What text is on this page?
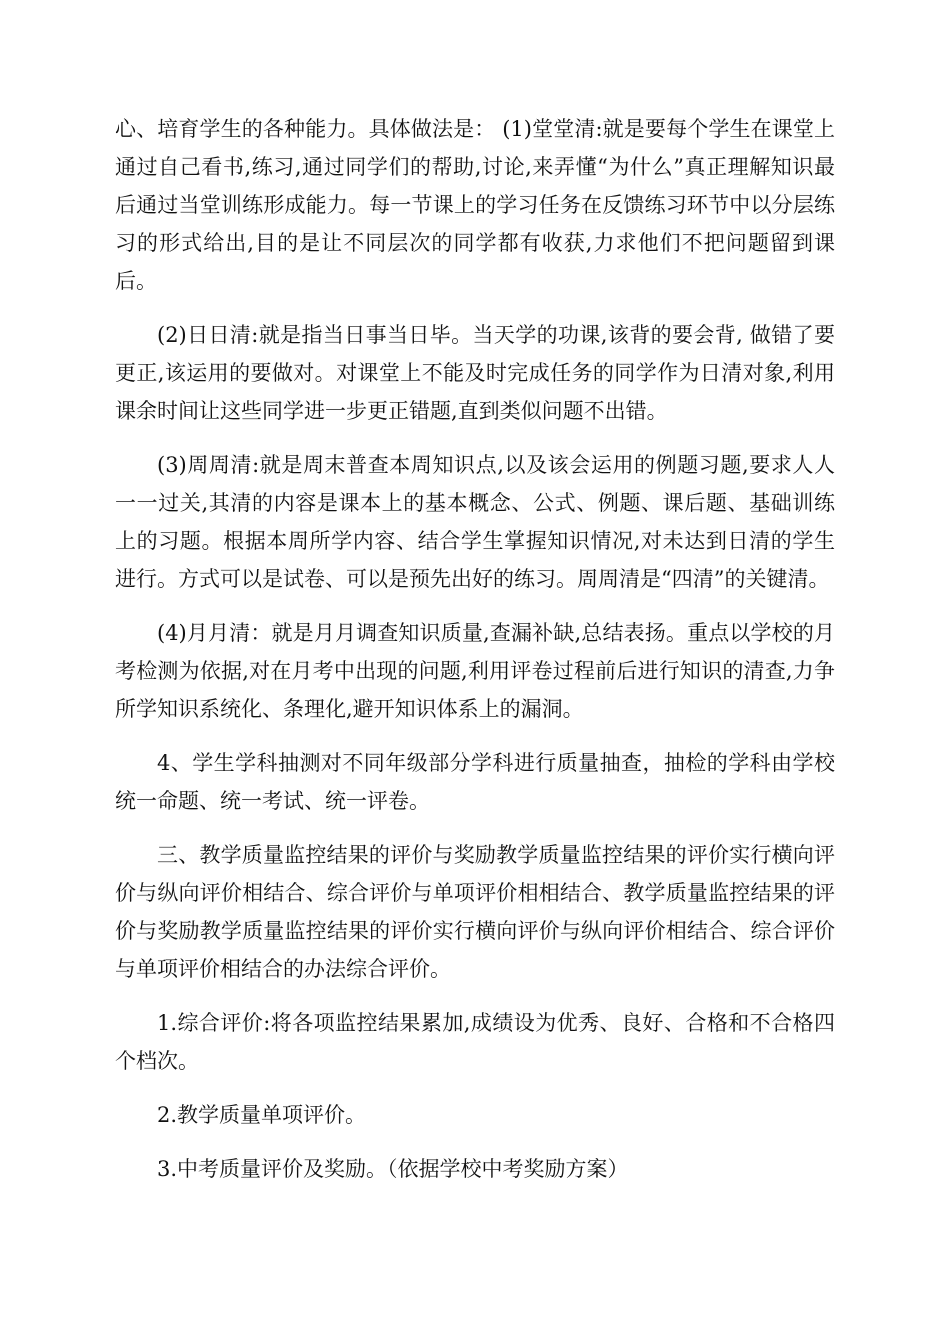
心、培育学生的各种能力。具体做法是： (1)堂堂清:就是要每个学生在课堂上通过自己看书,练习,通过同学们的帮助,讨论,来弄懂“为什么”真正理解知识最后通过当堂训练形成能力。每一节课上的学习任务在反馈练习环节中以分层练习的形式给出,目的是让不同层次的同学都有收获,力求他们不把问题留到课后。

(2)日日清:就是指当日事当日毕。当天学的功课,该背的要会背, 做错了要更正,该运用的要做对。对课堂上不能及时完成任务的同学作为日清对象,利用课余时间让这些同学进一步更正错题,直到类似问题不出错。

(3)周周清:就是周末普查本周知识点,以及该会运用的例题习题,要求人人一一过关,其清的内容是课本上的基本概念、公式、例题、课后题、基础训练上的习题。根据本周所学内容、结合学生掌握知识情况,对未达到日清的学生进行。方式可以是试卷、可以是预先出好的练习。周周清是“四清”的关键清。

(4)月月清：就是月月调查知识质量,查漏补缺,总结表扬。重点以学校的月考检测为依据,对在月考中出现的问题,利用评卷过程前后进行知识的清查,力争所学知识系统化、条理化,避开知识体系上的漏洞。

4、学生学科抽测对不同年级部分学科进行质量抽查，抽检的学科由学校统一命题、统一考试、统一评卷。

三、教学质量监控结果的评价与奖励教学质量监控结果的评价实行横向评价与纵向评价相结合、综合评价与单项评价相相结合、教学质量监控结果的评价与奖励教学质量监控结果的评价实行横向评价与纵向评价相结合、综合评价与单项评价相结合的办法综合评价。

1.综合评价:将各项监控结果累加,成绩设为优秀、良好、合格和不合格四个档次。

2.教学质量单项评价。

3.中考质量评价及奖励。（依据学校中考奖励方案）
